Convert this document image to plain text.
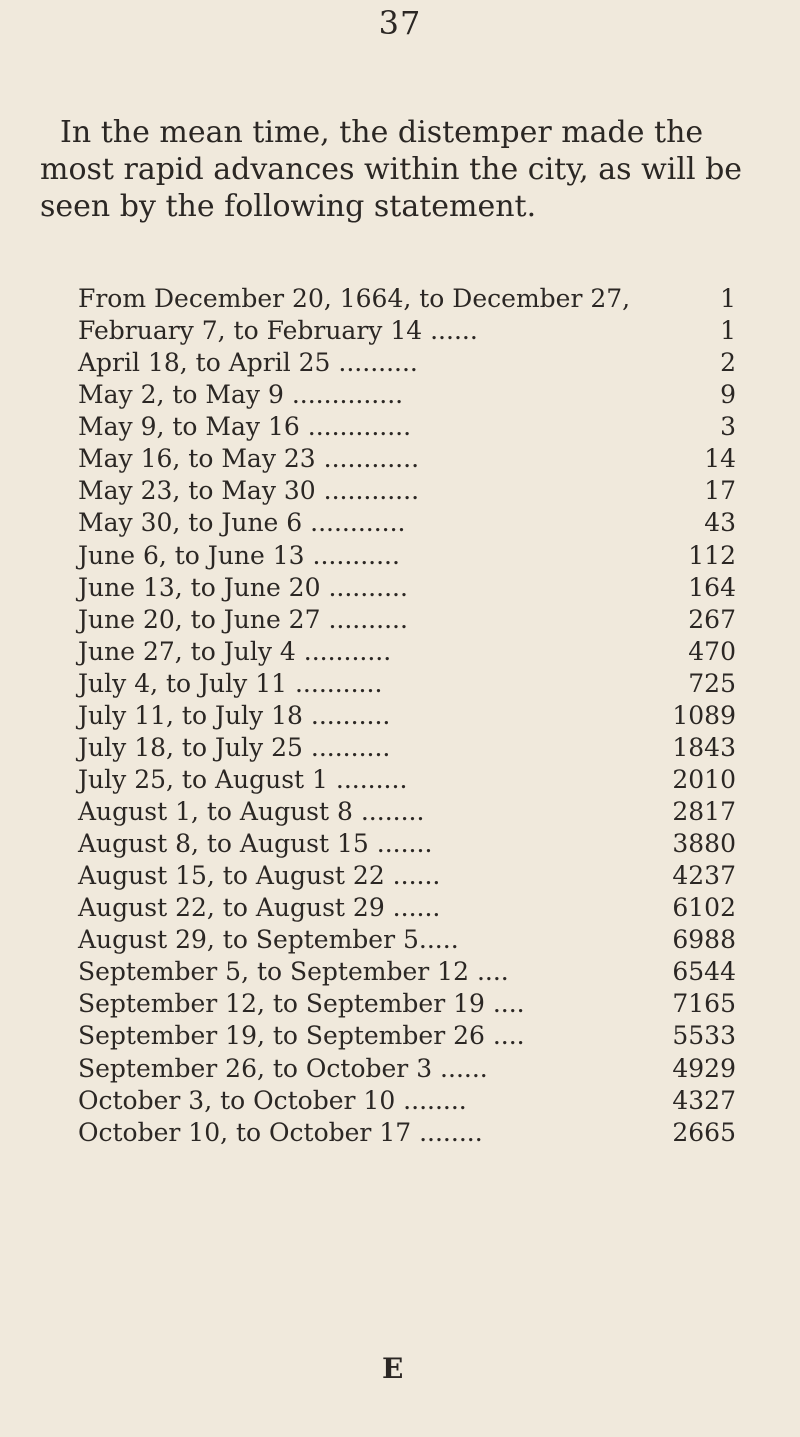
37

In the mean time, the distemper made the most rapid advances within the city, as will be seen by the following statement.

From December 20, 1664, to December 27,	1
February 7, to February 14 ......	1
April 18, to April 25 ..........	2
May 2, to May 9 ..............	9
May 9, to May 16 .............	3
May 16, to May 23 ............	14
May 23, to May 30 ............	17
May 30, to June 6 ............	43
June 6, to June 13 ...........	112
June 13, to June 20 ..........	164
June 20, to June 27 ..........	267
June 27, to July 4 ...........	470
July 4, to July 11 ...........	725
July 11, to July 18 ..........	1089
July 18, to July 25 ..........	1843
July 25, to August 1 .........	2010
August 1, to August 8 ........	2817
August 8, to August 15 .......	3880
August 15, to August 22 ......	4237
August 22, to August 29 ......	6102
August 29, to September 5.....	6988
September 5, to September 12 ....	6544
September 12, to September 19 ....	7165
September 19, to September 26 ....	5533
September 26, to October 3 ......	4929
October 3, to October 10 ........	4327
October 10, to October 17 ........	2665
E
